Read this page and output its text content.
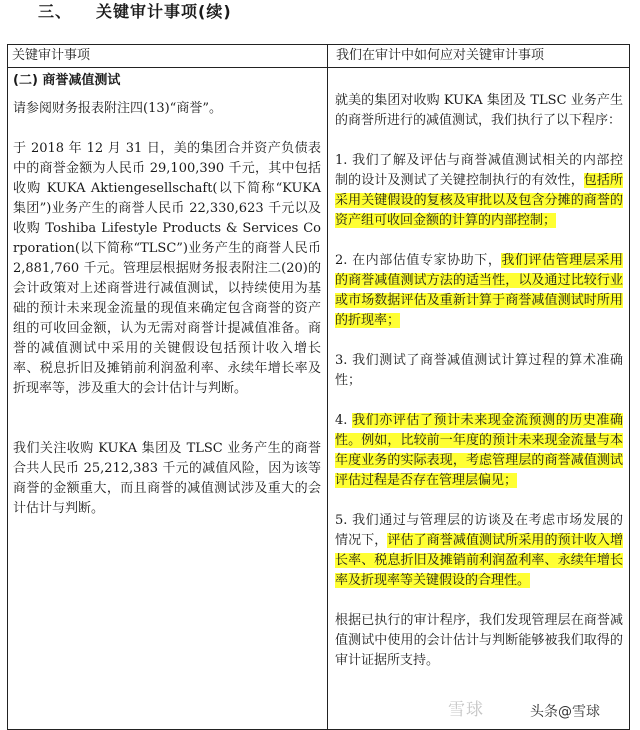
三、 关键审计事项(续)
关键审计事项	我们在审计中如何应对关键审计事项

(二) 商誉减值测试

请参阅财务报表附注四(13)“商誉”。

于 2018 年 12 月 31 日，美的集团合并资产负债表中的商誉金额为人民币 29,100,390 千元，其中包括收购 KUKA Aktiengesellschaft(以下简称“KUKA 集团”)业务产生的商誉人民币 22,330,623 千元以及收购 Toshiba Lifestyle Products & Services Corporation(以下简称“TLSC”)业务产生的商誉人民币 2,881,760 千元。管理层根据财务报表附注二(20)的会计政策对上述商誉进行减值测试，以持续使用为基础的预计未来现金流量的现值来确定包含商誉的资产组的可收回金额，认为无需对商誉计提减值准备。商誉的减值测试中采用的关键假设包括预计收入增长率、税息折旧及摊销前利润盈利率、永续年增长率及折现率等，涉及重大的会计估计与判断。

我们关注收购 KUKA 集团及 TLSC 业务产生的商誉合共人民币 25,212,383 千元的减值风险，因为该等商誉的金额重大，而且商誉的减值测试涉及重大的会计估计与判断。

就美的集团对收购 KUKA 集团及 TLSC 业务产生的商誉所进行的减值测试，我们执行了以下程序：

1. 我们了解及评估与商誉减值测试相关的内部控制的设计及测试了关键控制执行的有效性，包括所采用关键假设的复核及审批以及包含分摊的商誉的资产组可收回金额的计算的内部控制；

2. 在内部估值专家协助下，我们评估管理层采用的商誉减值测试方法的适当性，以及通过比较行业或市场数据评估及重新计算于商誉减值测试时所用的折现率；

3. 我们测试了商誉减值测试计算过程的算术准确性；

4. 我们亦评估了预计未来现金流预测的历史准确性。例如，比较前一年度的预计未来现金流量与本年度业务的实际表现，考虑管理层的商誉减值测试评估过程是否存在管理层偏见；

5. 我们通过与管理层的访谈及在考虑市场发展的情况下，评估了商誉减值测试所采用的预计收入增长率、税息折旧及摊销前利润盈利率、永续年增长率及折现率等关键假设的合理性。

根据已执行的审计程序，我们发现管理层在商誉减值测试中使用的会计估计与判断能够被我们取得的审计证据所支持。

雪球	头条@雪球
